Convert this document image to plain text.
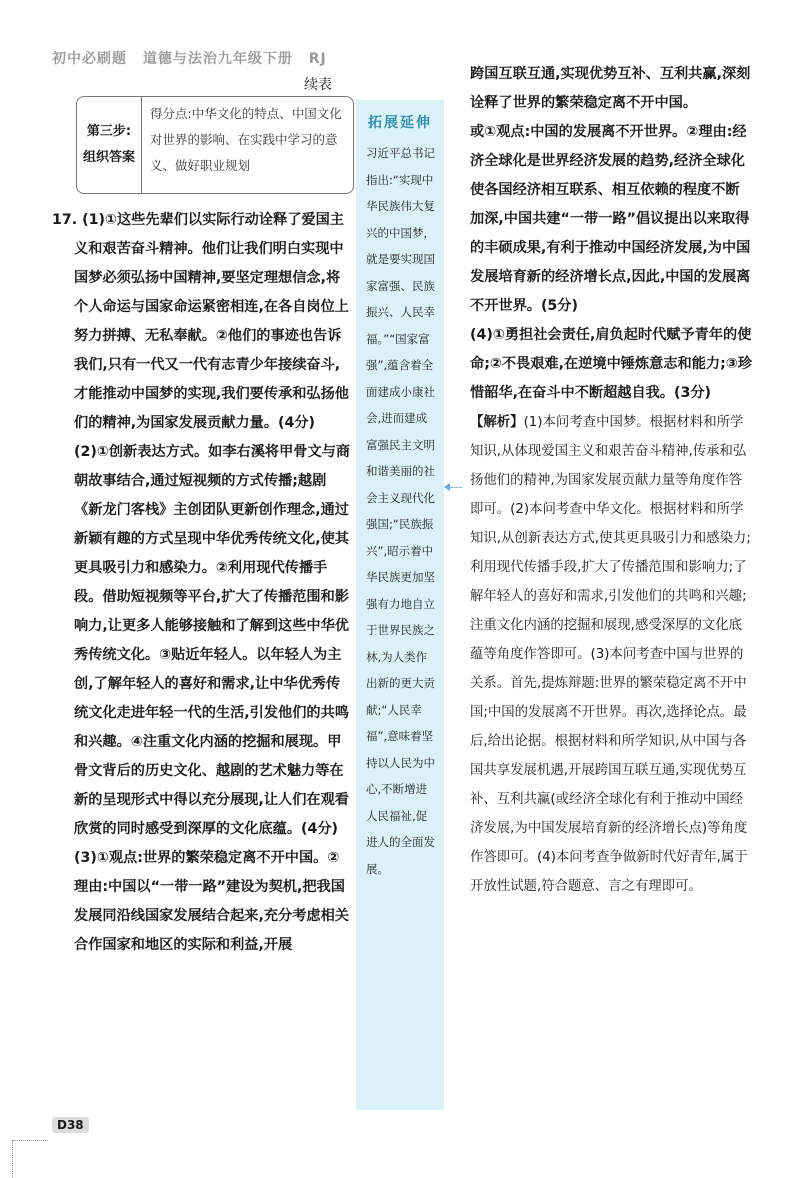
初中必刷题 道德与法治九年级下册 RJ
续表
第三步:
组织答案
得分点:中华文化的特点、中国文化对世界的影响、在实践中学习的意义、做好职业规划

17. (1)①这些先辈们以实际行动诠释了爱国主义和艰苦奋斗精神。他们让我们明白实现中国梦必须弘扬中国精神,要坚定理想信念,将个人命运与国家命运紧密相连,在各自岗位上努力拼搏、无私奉献。②他们的事迹也告诉我们,只有一代又一代有志青少年接续奋斗,才能推动中国梦的实现,我们要传承和弘扬他们的精神,为国家发展贡献力量。(4分)

(2)①创新表达方式。如李右溪将甲骨文与商朝故事结合,通过短视频的方式传播;越剧《新龙门客栈》主创团队更新创作理念,通过新颖有趣的方式呈现中华优秀传统文化,使其更具吸引力和感染力。②利用现代传播手段。借助短视频等平台,扩大了传播范围和影响力,让更多人能够接触和了解到这些中华优秀传统文化。③贴近年轻人。以年轻人为主创,了解年轻人的喜好和需求,让中华优秀传统文化走进年轻一代的生活,引发他们的共鸣和兴趣。④注重文化内涵的挖掘和展现。甲骨文背后的历史文化、越剧的艺术魅力等在新的呈现形式中得以充分展现,让人们在观看欣赏的同时感受到深厚的文化底蕴。(4分)

(3)①观点:世界的繁荣稳定离不开中国。②理由:中国以“一带一路”建设为契机,把我国发展同沿线国家发展结合起来,充分考虑相关合作国家和地区的实际和利益,开展

拓展延伸
习近平总书记指出:“实现中华民族伟大复兴的中国梦,就是要实现国家富强、民族振兴、人民幸福。”“国家富强”,蕴含着全面建成小康社会,进而建成富强民主文明和谐美丽的社会主义现代化强国;“民族振兴”,昭示着中华民族更加坚强有力地自立于世界民族之林,为人类作出新的更大贡献;“人民幸福”,意味着坚持以人民为中心,不断增进人民福祉,促进人的全面发展。

跨国互联互通,实现优势互补、互利共赢,深刻诠释了世界的繁荣稳定离不开中国。

或①观点:中国的发展离不开世界。②理由:经济全球化是世界经济发展的趋势,经济全球化使各国经济相互联系、相互依赖的程度不断加深,中国共建“一带一路”倡议提出以来取得的丰硕成果,有利于推动中国经济发展,为中国发展培育新的经济增长点,因此,中国的发展离不开世界。(5分)

(4)①勇担社会责任,肩负起时代赋予青年的使命;②不畏艰难,在逆境中锤炼意志和能力;③珍惜韶华,在奋斗中不断超越自我。(3分)

【解析】(1)本问考查中国梦。根据材料和所学知识,从体现爱国主义和艰苦奋斗精神,传承和弘扬他们的精神,为国家发展贡献力量等角度作答即可。(2)本问考查中华文化。根据材料和所学知识,从创新表达方式,使其更具吸引力和感染力;利用现代传播手段,扩大了传播范围和影响力;了解年轻人的喜好和需求,引发他们的共鸣和兴趣;注重文化内涵的挖掘和展现,感受深厚的文化底蕴等角度作答即可。(3)本问考查中国与世界的关系。首先,提炼辩题:世界的繁荣稳定离不开中国;中国的发展离不开世界。再次,选择论点。最后,给出论据。根据材料和所学知识,从中国与各国共享发展机遇,开展跨国互联互通,实现优势互补、互利共赢(或经济全球化有利于推动中国经济发展,为中国发展培育新的经济增长点)等角度作答即可。(4)本问考查争做新时代好青年,属于开放性试题,符合题意、言之有理即可。

D38
